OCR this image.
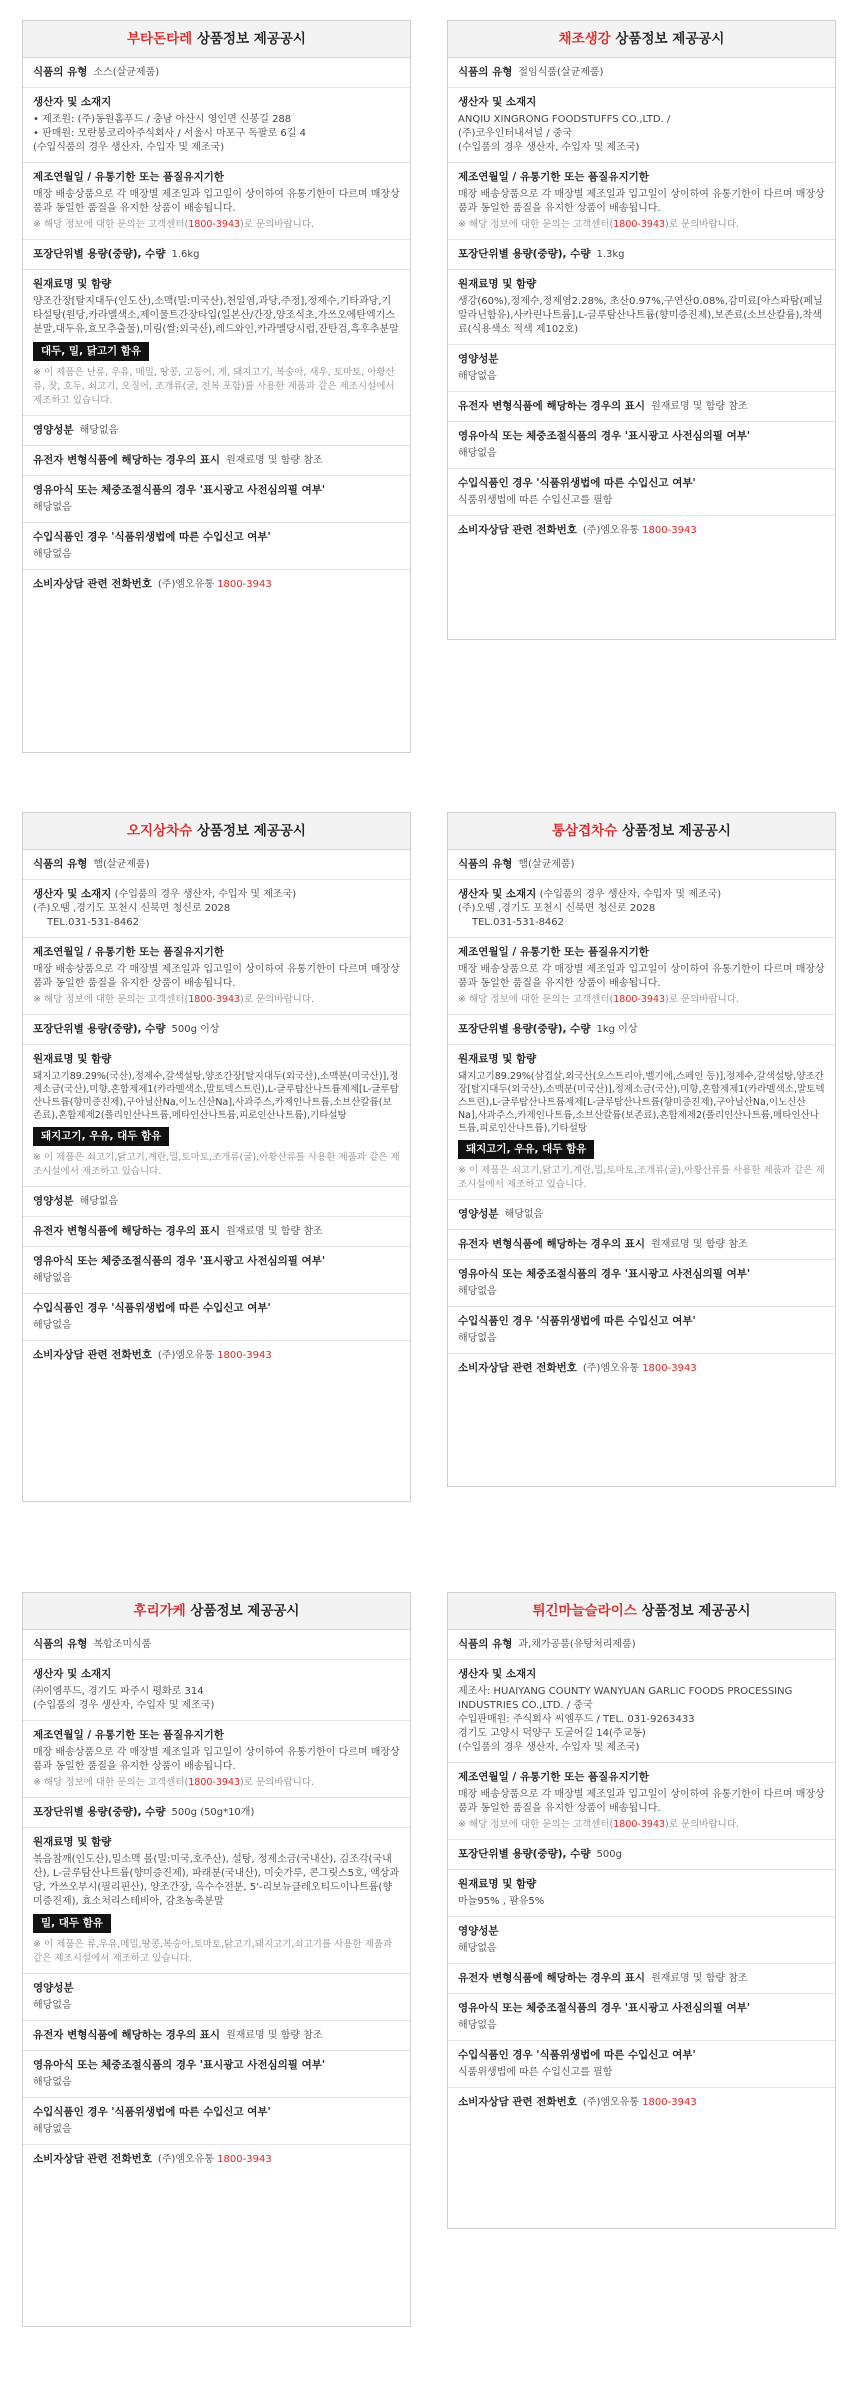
부타돈타레 상품정보 제공공시
식품의 유형 소스(살균제품)
생산자 및 소재지
• 제조원: (주)동원홈푸드 / 충남 아산시 영인면 신봉길 288
• 판매원: 모란봉코리아주식회사 / 서울시 마포구 독팔로 6길 4
(수입식품의 경우 생산자, 수입자 및 제조국)
제조연월일 / 유통기한 또는 품질유지기한
매장 배송상품으로 각 매장별 제조일과 입고일이 상이하여 유통기한이 다르며 매장상품과 동일한 품질을 유지한 상품이 배송됩니다.
※ 해당 정보에 대한 문의는 고객센터(1800-3943)로 문의바랍니다.
포장단위별 용량(중량), 수량 1.6kg
원재료명 및 함량
양조간장[탈지대두(인도산),소맥(밀:미국산),천일염,과당,주정],정제수,기타과당,기타설탕(원당,카라멜색소,제이물트간장타입(일본산/간장,양조식초,가쓰오에탄엑기스분말,대두유,효모추출물),미림(쌀:외국산),레드와인,카라멜당시럽,잔탄검,흑후추분말
대두, 밀, 닭고기 함유
※ 이 제품은 난류, 우유, 메밀, 땅콩, 고등어, 게, 돼지고기, 복숭아, 새우, 토마토, 아황산류, 잣, 호두, 쇠고기, 오징어, 조개류(굴, 전복 포함)를 사용한 제품과 같은 제조시설에서 제조하고 있습니다.
영양성분 해당없음
유전자 변형식품에 해당하는 경우의 표시 원재료명 및 함량 참조
영유아식 또는 체중조절식품의 경우 '표시광고 사전심의필 여부'
해당없음
수입식품인 경우 '식품위생법에 따른 수입신고 여부'
해당없음
소비자상담 관련 전화번호 (주)엠오유통 1800-3943
채조생강 상품정보 제공공시
식품의 유형 절임식품(살균제품)
생산자 및 소재지
ANQIU XINGRONG FOODSTUFFS CO.,LTD. /
(주)코우인터내셔널 / 중국
(수입품의 경우 생산자, 수입자 및 제조국)
제조연월일 / 유통기한 또는 품질유지기한
매장 배송상품으로 각 매장별 제조일과 입고일이 상이하여 유통기한이 다르며 매장상품과 동일한 품질을 유지한 상품이 배송됩니다.
※ 해당 정보에 대한 문의는 고객센터(1800-3943)로 문의바랍니다.
포장단위별 용량(중량), 수량 1.3kg
원재료명 및 함량
생강(60%),정제수,정제염2.28%, 초산0.97%,구연산0.08%,감미료[아스파탐(페닐알라닌함유),사카린나트륨],L-글루탐산나트륨(향미증진제),보존료(소브산칼륨),착색료(식용색소 적색 제102호)
영양성분
해당없음
유전자 변형식품에 해당하는 경우의 표시 원재료명 및 함량 참조
영유아식 또는 체중조절식품의 경우 '표시광고 사전심의필 여부'
해당없음
수입식품인 경우 '식품위생법에 따른 수입신고 여부'
식품위생법에 따른 수입신고를 필함
소비자상담 관련 전화번호 (주)엠오유통 1800-3943
오지상차슈 상품정보 제공공시
식품의 유형 햄(살균제품)
생산자 및 소재지 (수입품의 경우 생산자, 수입자 및 제조국)
(주)오뗌 ,경기도 포천시 신북면 청신로 2028
TEL.031-531-8462
제조연월일 / 유통기한 또는 품질유지기한
매장 배송상품으로 각 매장별 제조일과 입고일이 상이하여 유통기한이 다르며 매장상품과 동일한 품질을 유지한 상품이 배송됩니다.
※ 해당 정보에 대한 문의는 고객센터(1800-3943)로 문의바랍니다.
포장단위별 용량(중량), 수량 500g 이상
원재료명 및 함량
돼지고기89.29%(국산),정제수,갈색설탕,양조간장[탈지대두(외국산),소맥분(미국산)],정제소금(국산),미향,혼합제제1(카라멜색소,말토덱스트린),L-글루탐산나트륨제제[L-글루탐산나트륨(향미증진제),구아닐산Na,이노신산Na],사과주스,카제인나트륨,소브산칼륨(보존료),혼합제제2(폴리인산나트륨,메타인산나트륨,피로인산나트륨),기타설탕
돼지고기, 우유, 대두 함유
※ 이 제품은 쇠고기,닭고기,계란,밀,토마토,조개류(굴),아황산류를 사용한 제품과 같은 제조시설에서 제조하고 있습니다.
영양성분 해당없음
유전자 변형식품에 해당하는 경우의 표시 원재료명 및 함량 참조
영유아식 또는 체중조절식품의 경우 '표시광고 사전심의필 여부'
해당없음
수입식품인 경우 '식품위생법에 따른 수입신고 여부'
해당없음
소비자상담 관련 전화번호 (주)엠오유통 1800-3943
통삼겹차슈 상품정보 제공공시
식품의 유형 햄(살균제품)
생산자 및 소재지 (수입품의 경우 생산자, 수입자 및 제조국)
(주)오뗌 ,경기도 포천시 신북면 청신로 2028
TEL.031-531-8462
제조연월일 / 유통기한 또는 품질유지기한
매장 배송상품으로 각 매장별 제조일과 입고일이 상이하여 유통기한이 다르며 매장상품과 동일한 품질을 유지한 상품이 배송됩니다.
※ 해당 정보에 대한 문의는 고객센터(1800-3943)로 문의바랍니다.
포장단위별 용량(중량), 수량 1kg 이상
원재료명 및 함량
돼지고기89.29%(삼겹살,외국산(오스트리아,벨기에,스페인 등)],정제수,갈색설탕,양조간장[탈지대두(외국산),소맥분(미국산)],정제소금(국산),미향,혼합제제1(카라멜색소,말토덱스트린),L-글루탐산나트륨제제[L-글루탐산나트륨(향미증진제),구아닐산Na,이노신산Na],사과주스,카제인나트륨,소브산칼륨(보존료),혼합제제2(폴리인산나트륨,메타인산나트륨,피로인산나트륨),기타설탕
돼지고기, 우유, 대두 함유
※ 이 제품은 쇠고기,닭고기,계란,밀,토마토,조개류(굴),아황산류를 사용한 제품과 같은 제조시설에서 제조하고 있습니다.
영양성분 해당없음
유전자 변형식품에 해당하는 경우의 표시 원재료명 및 함량 참조
영유아식 또는 체중조절식품의 경우 '표시광고 사전심의필 여부'
해당없음
수입식품인 경우 '식품위생법에 따른 수입신고 여부'
해당없음
소비자상담 관련 전화번호 (주)엠오유통 1800-3943
후리가케 상품정보 제공공시
식품의 유형 복합조미식품
생산자 및 소재지
㈜이엠푸드, 경기도 파주시 평화로 314
(수입품의 경우 생산자, 수입자 및 제조국)
제조연월일 / 유통기한 또는 품질유지기한
매장 배송상품으로 각 매장별 제조일과 입고일이 상이하여 유통기한이 다르며 매장상품과 동일한 품질을 유지한 상품이 배송됩니다.
※ 해당 정보에 대한 문의는 고객센터(1800-3943)로 문의바랍니다.
포장단위별 용량(중량), 수량 500g (50g*10개)
원재료명 및 함량
볶음참깨(인도산),밀소맥 볼(밀:미국,호주산), 설탕, 정제소금(국내산), 김조각(국내산), L-글루탐산나트륨(향미증진제), 파래분(국내산), 미숫가루, 콘그릿스5호, 액상과당, 가쓰오부시(필리핀산), 양조간장, 옥수수전분, 5'-리보뉴클레오티드이나트륨(향미증진제), 효소처리스테비아, 감초농축분말
밀, 대두 함유
※ 이 제품은 류,우유,메밀,땅콩,복숭아,토마토,닭고기,돼지고기,쇠고기를 사용한 제품과 같은 제조시설에서 제조하고 있습니다.
영양성분
해당없음
유전자 변형식품에 해당하는 경우의 표시 원재료명 및 함량 참조
영유아식 또는 체중조절식품의 경우 '표시광고 사전심의필 여부'
해당없음
수입식품인 경우 '식품위생법에 따른 수입신고 여부'
해당없음
소비자상담 관련 전화번호 (주)엠오유통 1800-3943
튀긴마늘슬라이스 상품정보 제공공시
식품의 유형 과,채가공품(유탕처리제품)
생산자 및 소재지
제조사: HUAIYANG COUNTY WANYUAN GARLIC FOODS PROCESSING INDUSTRIES CO.,LTD. / 중국
수입판매원: 주식회사 씨엠푸드 / TEL. 031-9263433
경기도 고양시 덕양구 도굴어길 14(주교동)
(수입품의 경우 생산자, 수입자 및 제조국)
제조연월일 / 유통기한 또는 품질유지기한
매장 배송상품으로 각 매장별 제조일과 입고일이 상이하여 유통기한이 다르며 매장상품과 동일한 품질을 유지한 상품이 배송됩니다.
※ 해당 정보에 대한 문의는 고객센터(1800-3943)로 문의바랍니다.
포장단위별 용량(중량), 수량 500g
원재료명 및 함량
마늘95% , 팜유5%
영양성분
해당없음
유전자 변형식품에 해당하는 경우의 표시 원재료명 및 함량 참조
영유아식 또는 체중조절식품의 경우 '표시광고 사전심의필 여부'
해당없음
수입식품인 경우 '식품위생법에 따른 수입신고 여부'
식품위생법에 따른 수입신고를 필함
소비자상담 관련 전화번호 (주)엠오유통 1800-3943
